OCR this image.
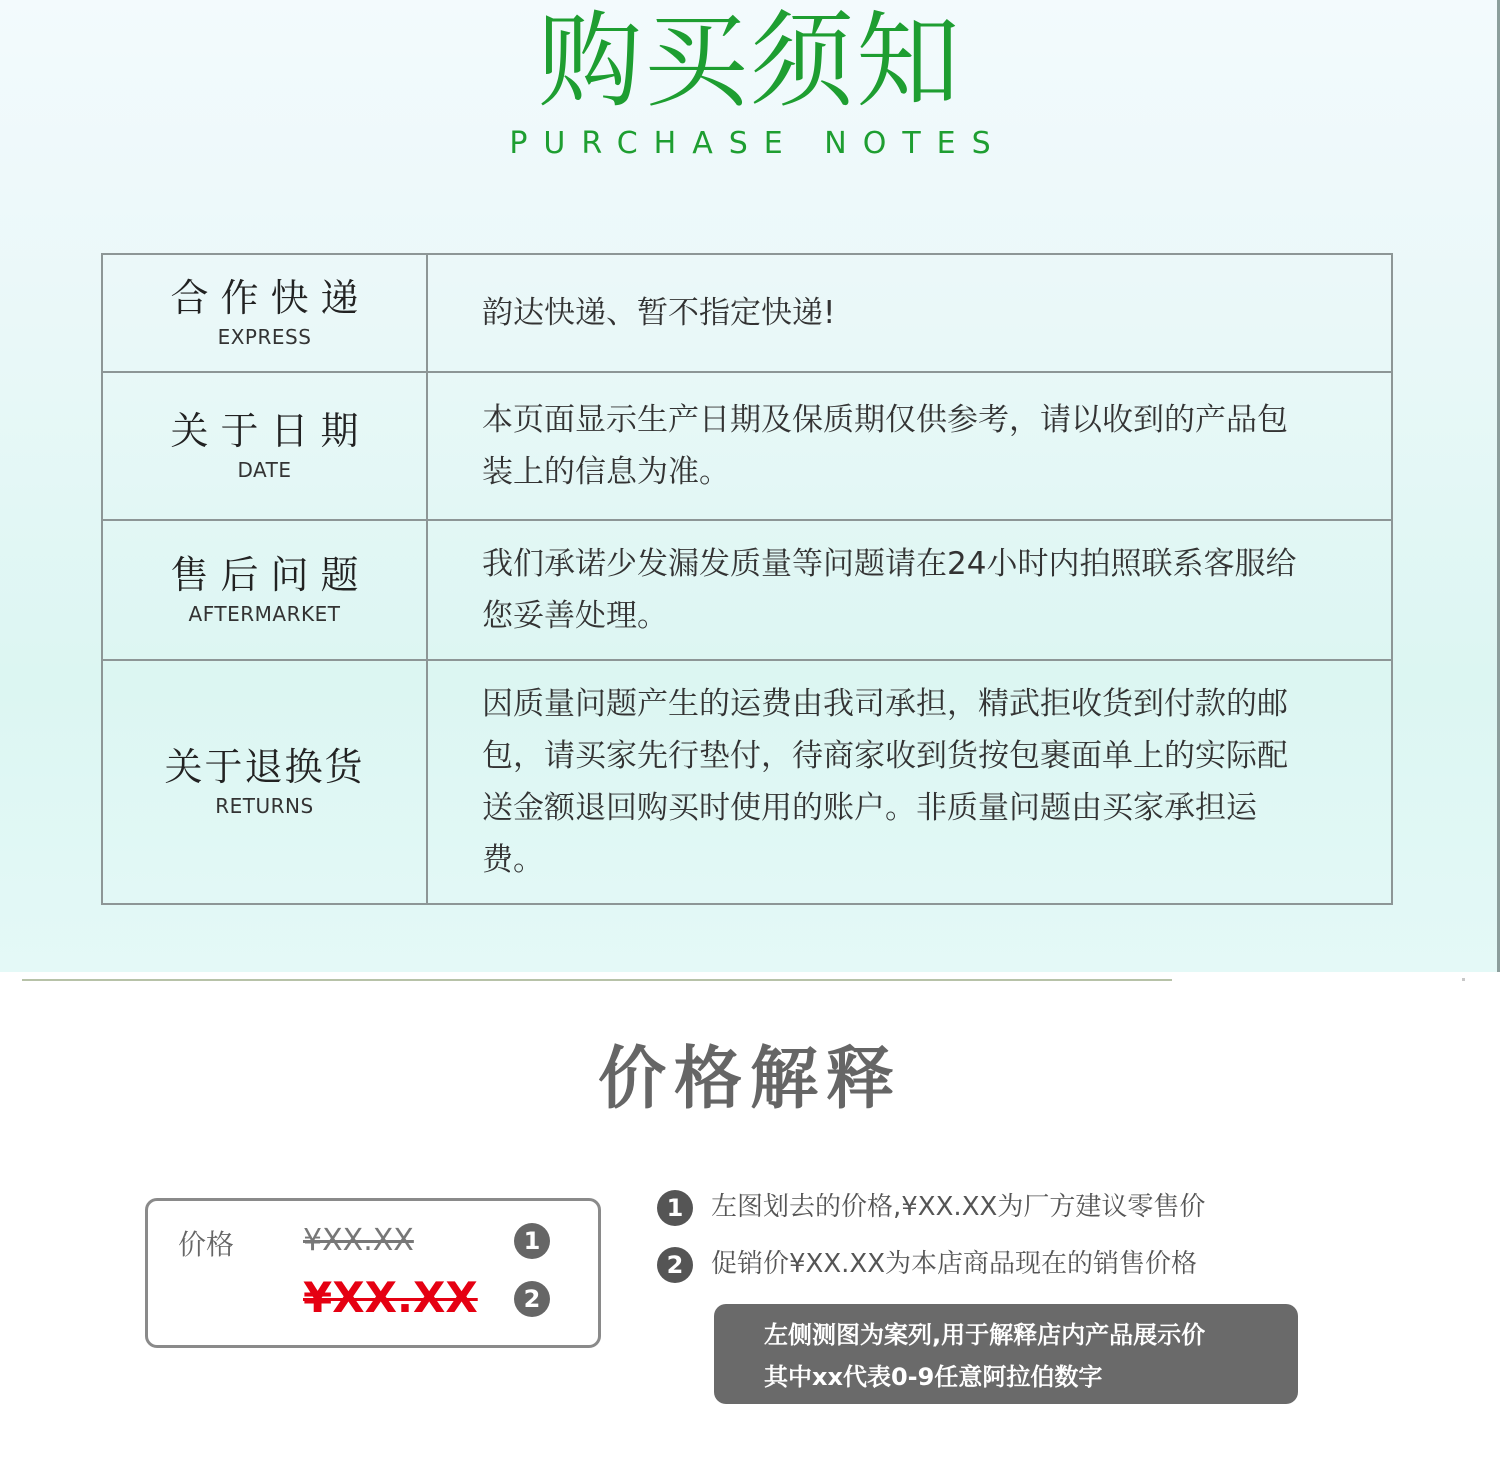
购买须知
PURCHASE NOTES
合作快递
EXPRESS	韵达快递、暂不指定快递!

关于日期
DATE	本页面显示生产日期及保质期仅供参考，请以收到的产品包装上的信息为准。

售后问题
AFTERMARKET	我们承诺少发漏发质量等问题请在24小时内拍照联系客服给您妥善处理。

关于退换货
RETURNS	因质量问题产生的运费由我司承担，精武拒收货到付款的邮包，请买家先行垫付，待商家收到货按包裹面单上的实际配送金额退回购买时使用的账户。非质量问题由买家承担运费。
价格解释
价格 ¥XX.XX	1
¥XX.XX	2
1 左图划去的价格,¥XX.XX为厂方建议零售价
2 促销价¥XX.XX为本店商品现在的销售价格
左侧测图为案列,用于解释店内产品展示价
其中xx代表0-9任意阿拉伯数字
